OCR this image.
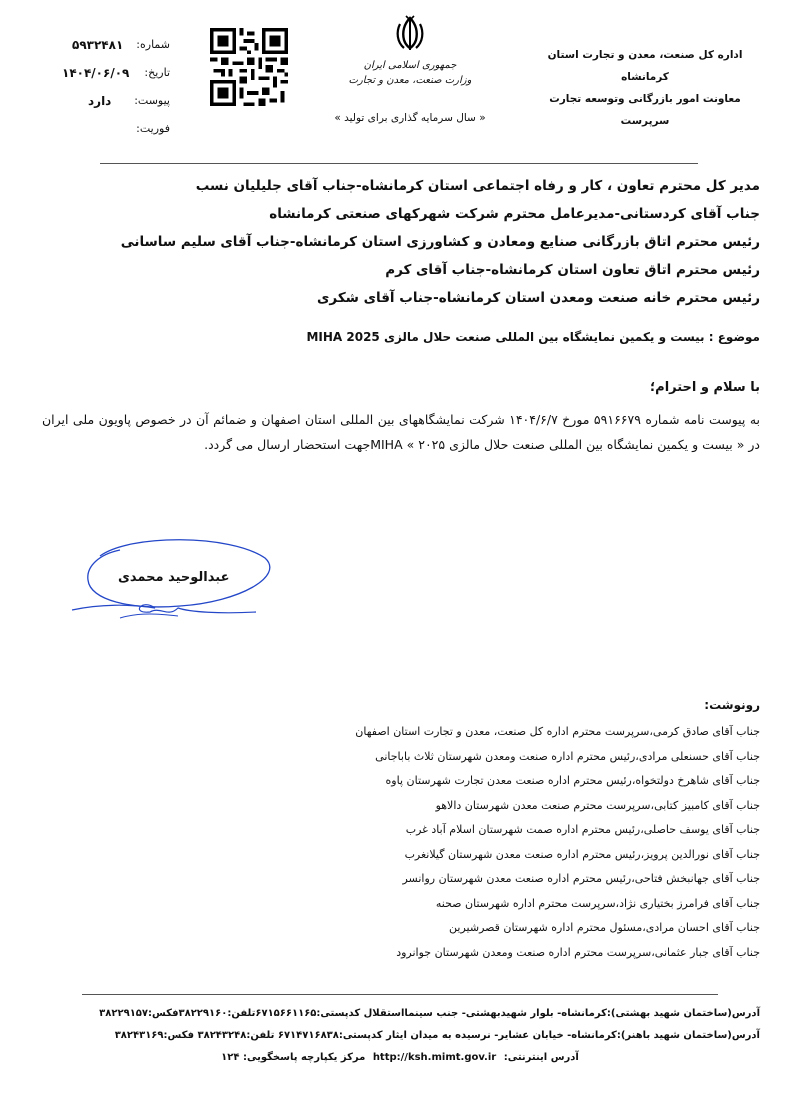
اداره کل صنعت، معدن و تجارت استان کرمانشاه
معاونت امور بازرگانی وتوسعه تجارت
سرپرست
جمهوری اسلامی ایران
وزارت صنعت، معدن و تجارت
« سال سرمایه گذاری برای تولید »
شماره:
۵۹۳۲۴۸۱
تاریخ:
۱۴۰۴/۰۶/۰۹
پیوست:
دارد
فوریت:
مدیر کل محترم تعاون ، کار و رفاه اجتماعی استان کرمانشاه-جناب آقای جلیلیان نسب
جناب آقای کردستانی-مدیرعامل محترم شرکت شهرکهای صنعتی کرمانشاه
رئیس محترم اتاق بازرگانی صنایع ومعادن و کشاورزی استان کرمانشاه-جناب آقای سلیم ساسانی
رئیس محترم اتاق تعاون استان کرمانشاه-جناب آقای کرم
رئیس محترم خانه صنعت ومعدن استان کرمانشاه-جناب آقای شکری
موضوع : بیست و یکمین نمایشگاه بین المللی صنعت حلال مالزی MIHA 2025
با سلام و احترام؛
به پیوست نامه شماره ۵۹۱۶۶۷۹ مورخ ۱۴۰۴/۶/۷ شرکت نمایشگاههای بین المللی استان اصفهان و ضمائم آن در خصوص پاویون ملی ایران در « بیست و یکمین نمایشگاه بین المللی صنعت حلال مالزی ۲۰۲۵ » MIHAجهت استحضار ارسال می گردد.
عبدالوحید محمدی
رونوشت:
جناب آقای صادق کرمی،سرپرست محترم اداره کل صنعت، معدن و تجارت استان اصفهان
جناب آقای حسنعلی مرادی،رئیس محترم اداره صنعت ومعدن شهرستان ثلاث باباجانی
جناب آقای شاهرخ دولتخواه،رئیس محترم اداره صنعت معدن تجارت شهرستان پاوه
جناب آقای کامبیز کتابی،سرپرست محترم صنعت معدن شهرستان دالاهو
جناب آقای یوسف حاصلی،رئیس محترم اداره صمت شهرستان اسلام آباد غرب
جناب آقای نورالدین پرویز،رئیس محترم اداره صنعت معدن شهرستان گیلانغرب
جناب آقای جهانبخش فتاحی،رئیس محترم اداره صنعت معدن شهرستان روانسر
جناب آقای فرامرز بختیاری نژاد،سرپرست محترم اداره شهرستان صحنه
جناب آقای احسان مرادی،مسئول محترم اداره شهرستان قصرشیرین
جناب آقای جبار عثمانی،سرپرست محترم اداره صنعت ومعدن شهرستان جوانرود
آدرس(ساختمان شهید بهشتی):کرمانشاه- بلوار شهیدبهشتی- جنب سینمااستقلال کدپستی:۶۷۱۵۶۶۱۱۶۵تلفن:۳۸۲۲۹۱۶۰فکس:۳۸۲۲۹۱۵۷
آدرس(ساختمان شهید باهنر):کرمانشاه- خیابان عشایر- نرسیده به میدان ایثار کدپستی:۶۷۱۴۷۱۶۸۳۸ تلفن:۳۸۲۴۳۲۴۸ فکس:۳۸۲۴۳۱۶۹
آدرس اینترنتی: http://ksh.mimt.gov.ir مرکز یکپارچه پاسخگویی: ۱۲۴
